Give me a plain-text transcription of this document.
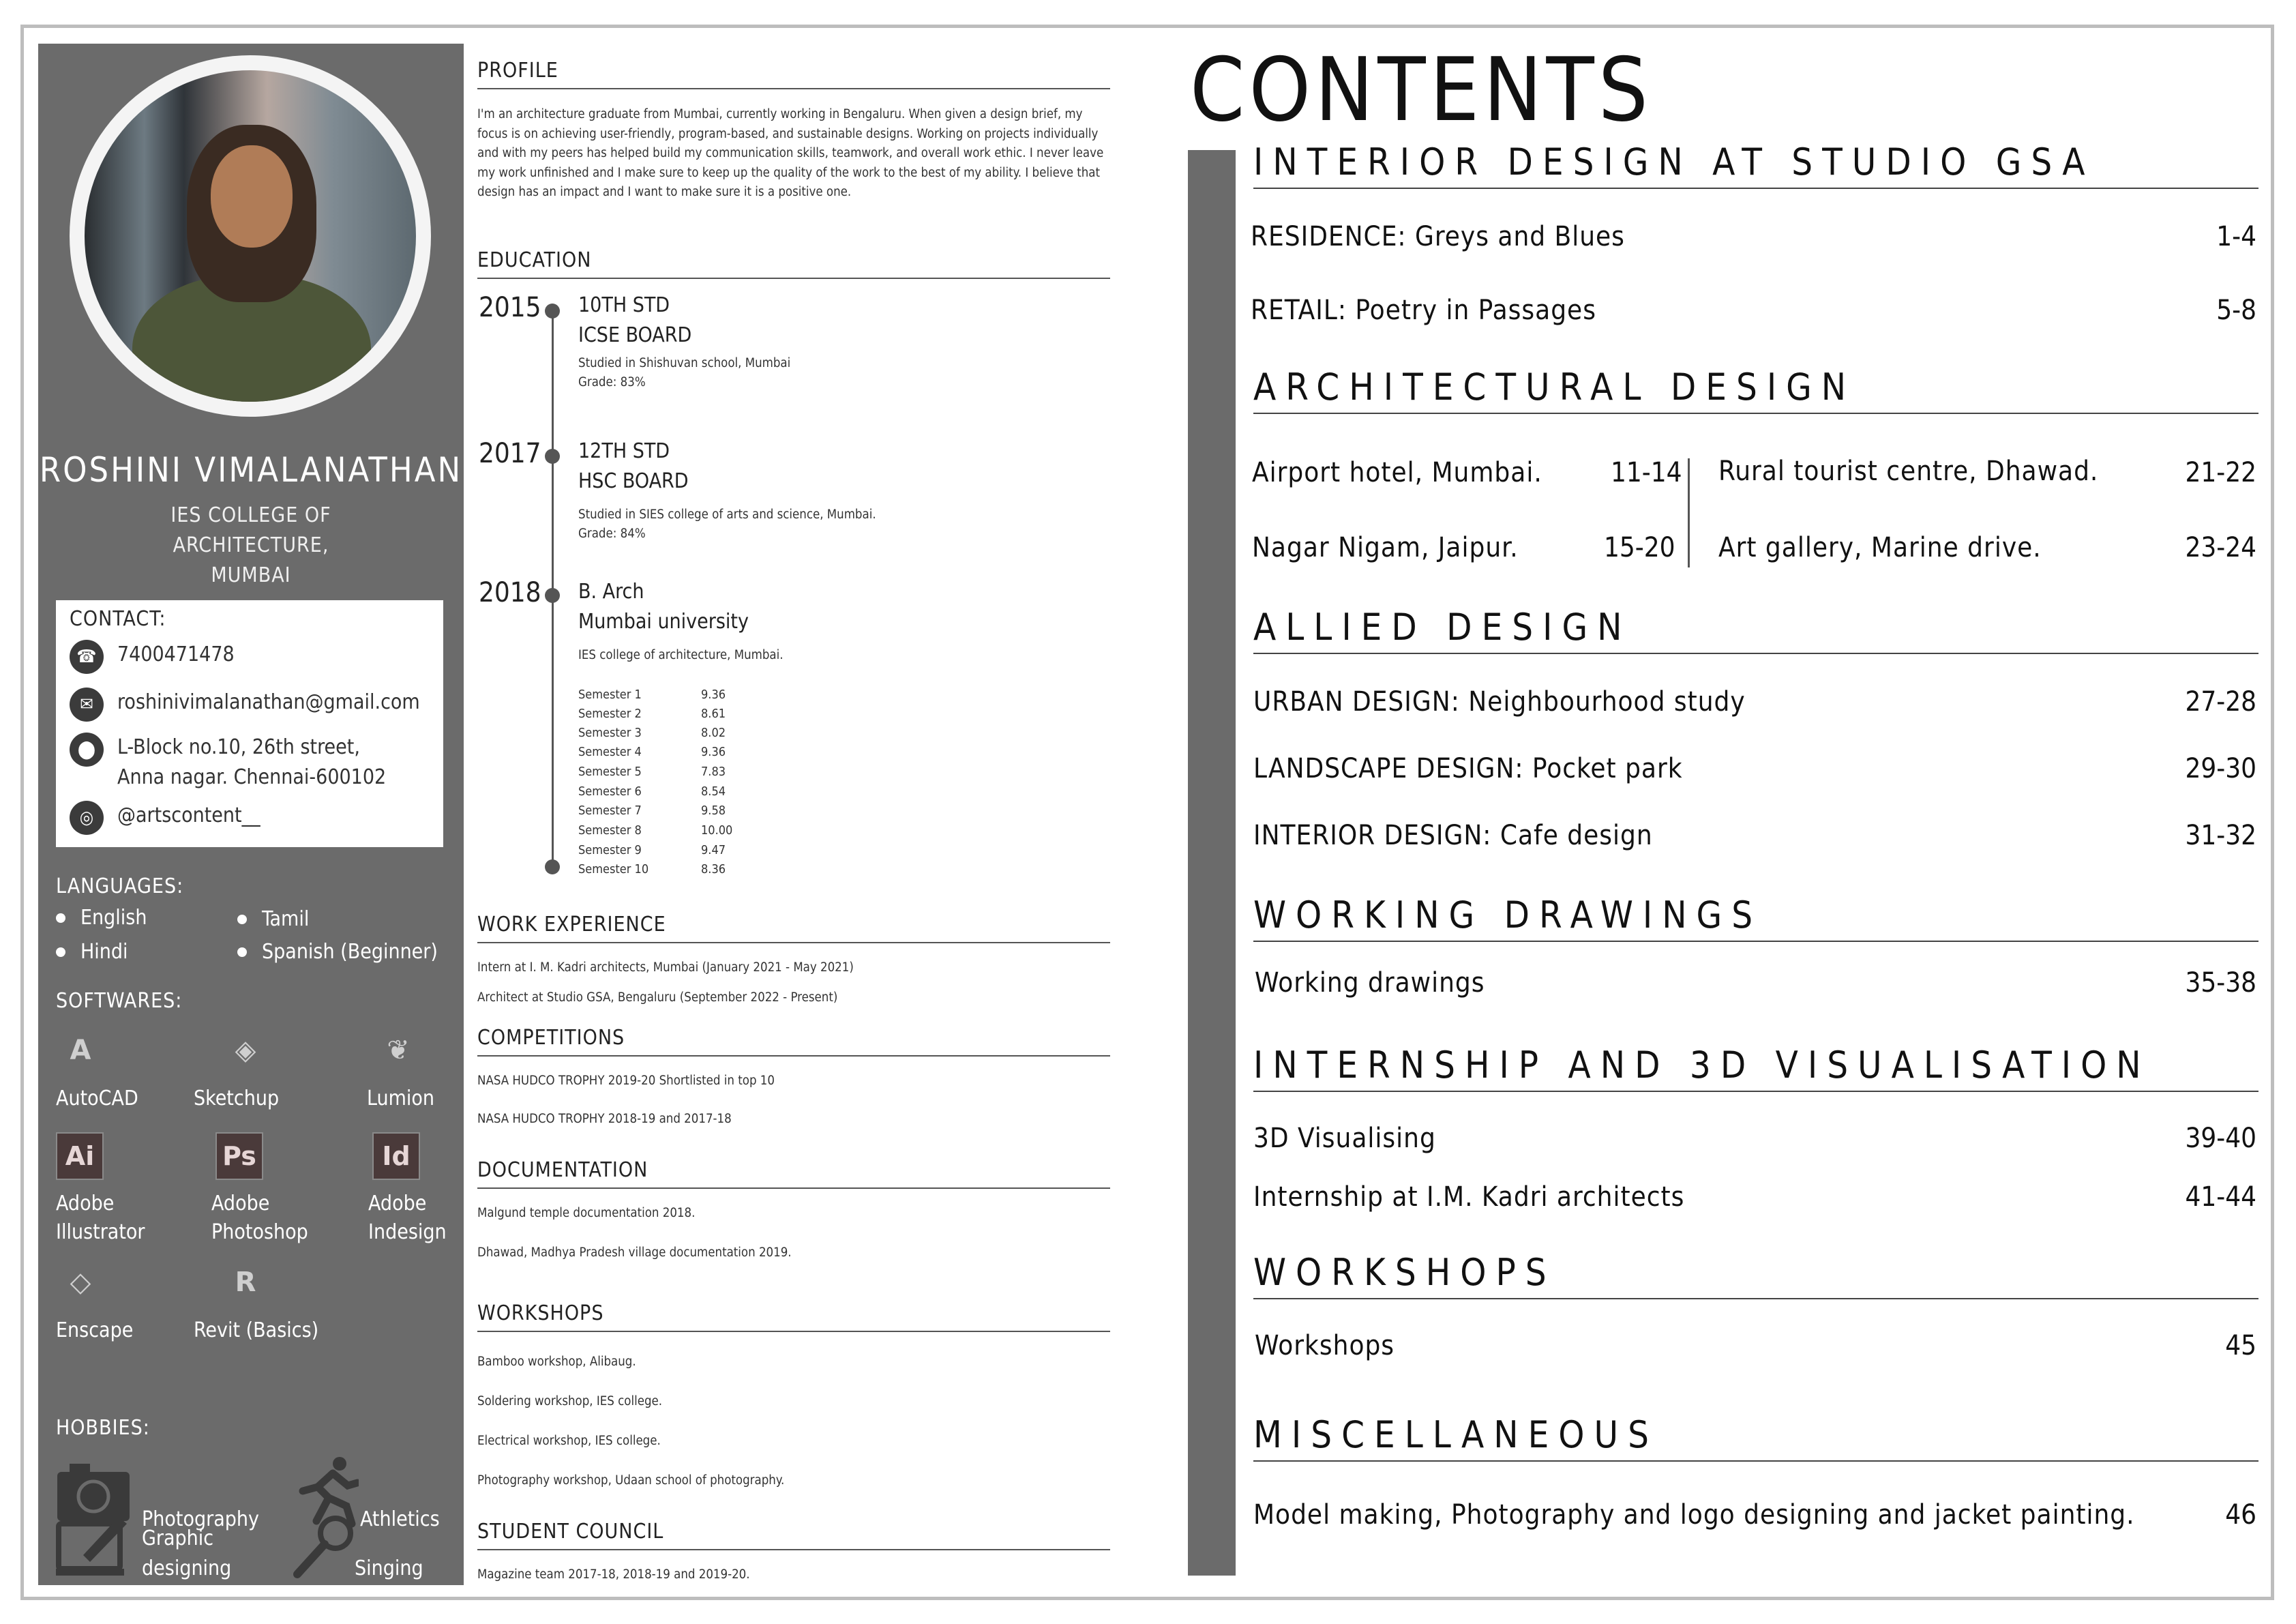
ROSHINI VIMALANATHAN
IES COLLEGE OF ARCHITECTURE,
MUMBAI
CONTACT:
☎	7400471478
✉	roshinivimalanathan@gmail.com
⬤	L-Block no.10, 26th street,
Anna nagar. Chennai-600102
◎	@artscontent__
LANGUAGES:
English	Tamil
Hindi	Spanish (Beginner)
SOFTWARES:
A
AutoCAD
◈
Sketchup
❦
Lumion
Ai
Adobe
Illustrator
Ps
Adobe
Photoshop
Id
Adobe
Indesign
◇
Enscape
R
Revit (Basics)
HOBBIES:
Photography	Athletics
Graphic
designing	Singing
PROFILE
I'm an architecture graduate from Mumbai, currently working in Bengaluru. When given a design brief, my focus is on achieving user-friendly, program-based, and sustainable designs. Working on projects individually and with my peers has helped build my communication skills, teamwork, and overall work ethic. I never leave my work unfinished and I make sure to keep up the quality of the work to the best of my ability. I believe that design has an impact and I want to make sure it is a positive one.
EDUCATION
2015 10TH STD
ICSE BOARD
Studied in Shishuvan school, Mumbai
Grade: 83%
2017 12TH STD
HSC BOARD
Studied in SIES college of arts and science, Mumbai.
Grade: 84%
2018 B. Arch
Mumbai university
IES college of architecture, Mumbai.
Semester 1	9.36
Semester 2	8.61
Semester 3	8.02
Semester 4	9.36
Semester 5	7.83
Semester 6	8.54
Semester 7	9.58
Semester 8	10.00
Semester 9	9.47
Semester 10	8.36
WORK EXPERIENCE
Intern at I. M. Kadri architects, Mumbai (January 2021 - May 2021)
Architect at Studio GSA, Bengaluru (September 2022 - Present)
COMPETITIONS
NASA HUDCO TROPHY 2019-20 Shortlisted in top 10
NASA HUDCO TROPHY 2018-19 and 2017-18
DOCUMENTATION
Malgund temple documentation 2018.
Dhawad, Madhya Pradesh village documentation 2019.
WORKSHOPS
Bamboo workshop, Alibaug.
Soldering workshop, IES college.
Electrical workshop, IES college.
Photography workshop, Udaan school of photography.
STUDENT COUNCIL
Magazine team 2017-18, 2018-19 and 2019-20.
CONTENTS
INTERIOR DESIGN AT STUDIO GSA
RESIDENCE: Greys and Blues	1-4
RETAIL: Poetry in Passages	5-8
ARCHITECTURAL DESIGN
Airport hotel, Mumbai.	11-14 Rural tourist centre, Dhawad.	21-22
Nagar Nigam, Jaipur.	15-20 Art gallery, Marine drive.	23-24
ALLIED DESIGN
URBAN DESIGN: Neighbourhood study	27-28
LANDSCAPE DESIGN: Pocket park	29-30
INTERIOR DESIGN: Cafe design	31-32
WORKING DRAWINGS
Working drawings	35-38
INTERNSHIP AND 3D VISUALISATION
3D Visualising	39-40
Internship at I.M. Kadri architects	41-44
WORKSHOPS
Workshops	45
MISCELLANEOUS
Model making, Photography and logo designing and jacket painting.	46
